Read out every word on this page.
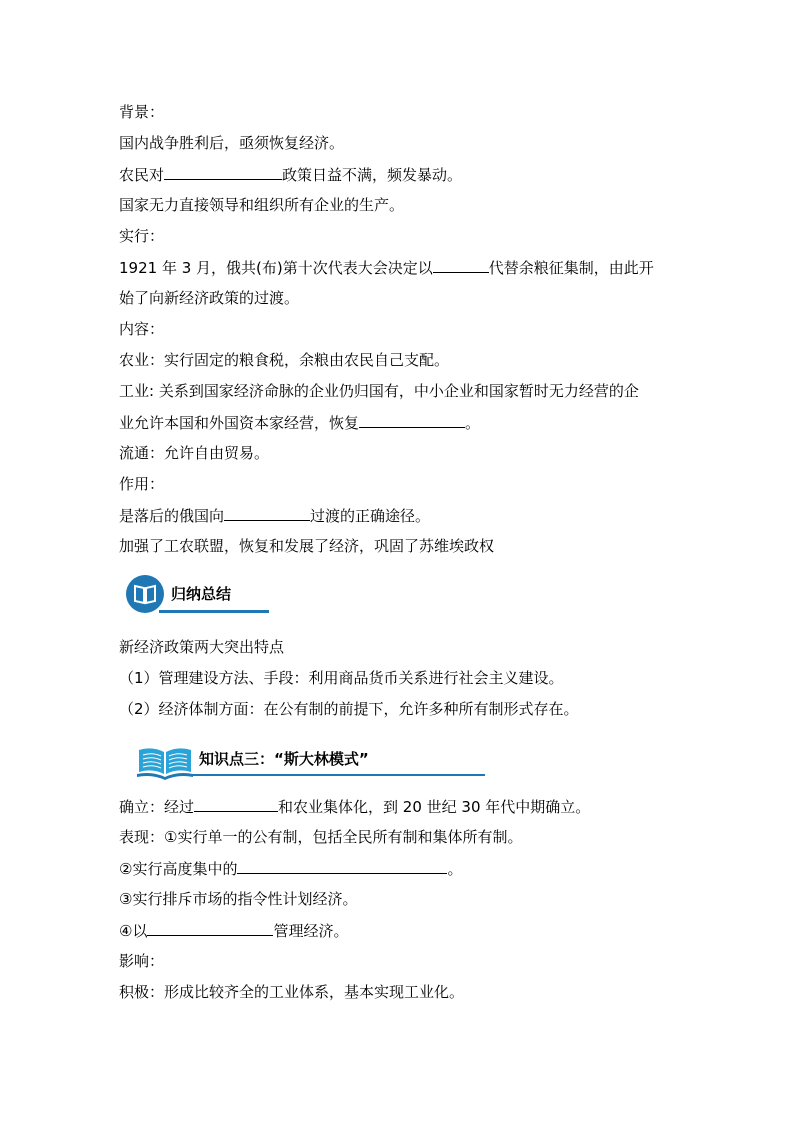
背景：
国内战争胜利后，亟须恢复经济。
农民对	政策日益不满，频发暴动。
国家无力直接领导和组织所有企业的生产。
实行：
1921 年 3 月，俄共(布)第十次代表大会决定以	代替余粮征集制，由此开
始了向新经济政策的过渡。
内容：
农业：实行固定的粮食税，余粮由农民自己支配。
工业: 关系到国家经济命脉的企业仍归国有，中小企业和国家暂时无力经营的企
业允许本国和外国资本家经营，恢复	。
流通：允许自由贸易。
作用：
是落后的俄国向	过渡的正确途径。
加强了工农联盟，恢复和发展了经济，巩固了苏维埃政权
归纳总结
新经济政策两大突出特点
（1）管理建设方法、手段：利用商品货币关系进行社会主义建设。
（2）经济体制方面：在公有制的前提下，允许多种所有制形式存在。
知识点三：“斯大林模式”
确立：经过	和农业集体化，到 20 世纪 30 年代中期确立。
表现：①实行单一的公有制，包括全民所有制和集体所有制。
②实行高度集中的	。
③实行排斥市场的指令性计划经济。
④以	管理经济。
影响：
积极：形成比较齐全的工业体系，基本实现工业化。
